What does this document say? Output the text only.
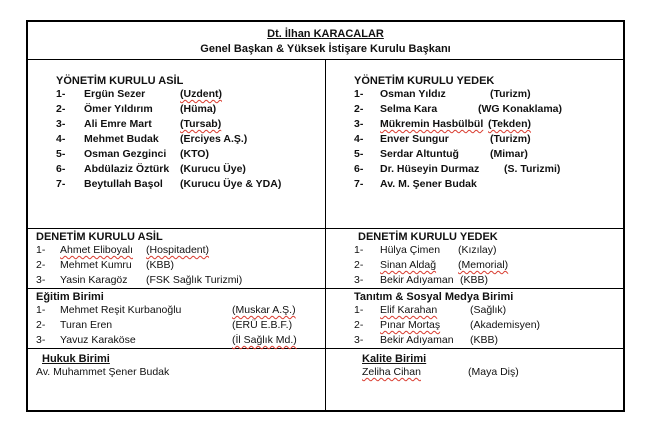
Dt. İlhan KARACALAR
Genel Başkan & Yüksek İstişare Kurulu Başkanı
YÖNETİM KURULU ASİL
1- Ergün Sezer	(Uzdent)
2- Ömer Yıldırım	(Hüma)
3- Ali Emre Mart	(Tursab)
4- Mehmet Budak (Erciyes A.Ş.)
5- Osman Gezginci (KTO)
6- Abdülaziz Öztürk (Kurucu Üye)
7- Beytullah Başol (Kurucu Üye & YDA)
YÖNETİM KURULU YEDEK
1- Osman Yıldız	(Turizm)
2- Selma Kara	(WG Konaklama)
3- Mükremin Hasbülbül (Tekden)
4- Enver Sungur	(Turizm)
5- Serdar Altuntuğ	(Mimar)
6- Dr. Hüseyin Durmaz (S. Turizmi)
7- Av. M. Şener Budak
DENETİM KURULU ASİL
1- Ahmet Eliboyalı (Hospitadent)
2- Mehmet Kumru (KBB)
3- Yasin Karagöz (FSK Sağlık Turizmi)
DENETİM KURULU YEDEK
1- Hülya Çimen (Kızılay)
2- Sinan Aldağ (Memorial)
3- Bekir Adıyaman (KBB)
Eğitim Birimi
1- Mehmet Reşit Kurbanoğlu	(Muskar A.Ş.)
2- Turan Eren	(ERÜ E.B.F.)
3- Yavuz Karaköse	(İl Sağlık Md.)
Tanıtım & Sosyal Medya Birimi
1- Elif Karahan	(Sağlık)
2- Pınar Mortaş	(Akademisyen)
3- Bekir Adıyaman (KBB)
Hukuk Birimi
Av. Muhammet Şener Budak
Kalite Birimi
Zeliha Cihan	(Maya Diş)
